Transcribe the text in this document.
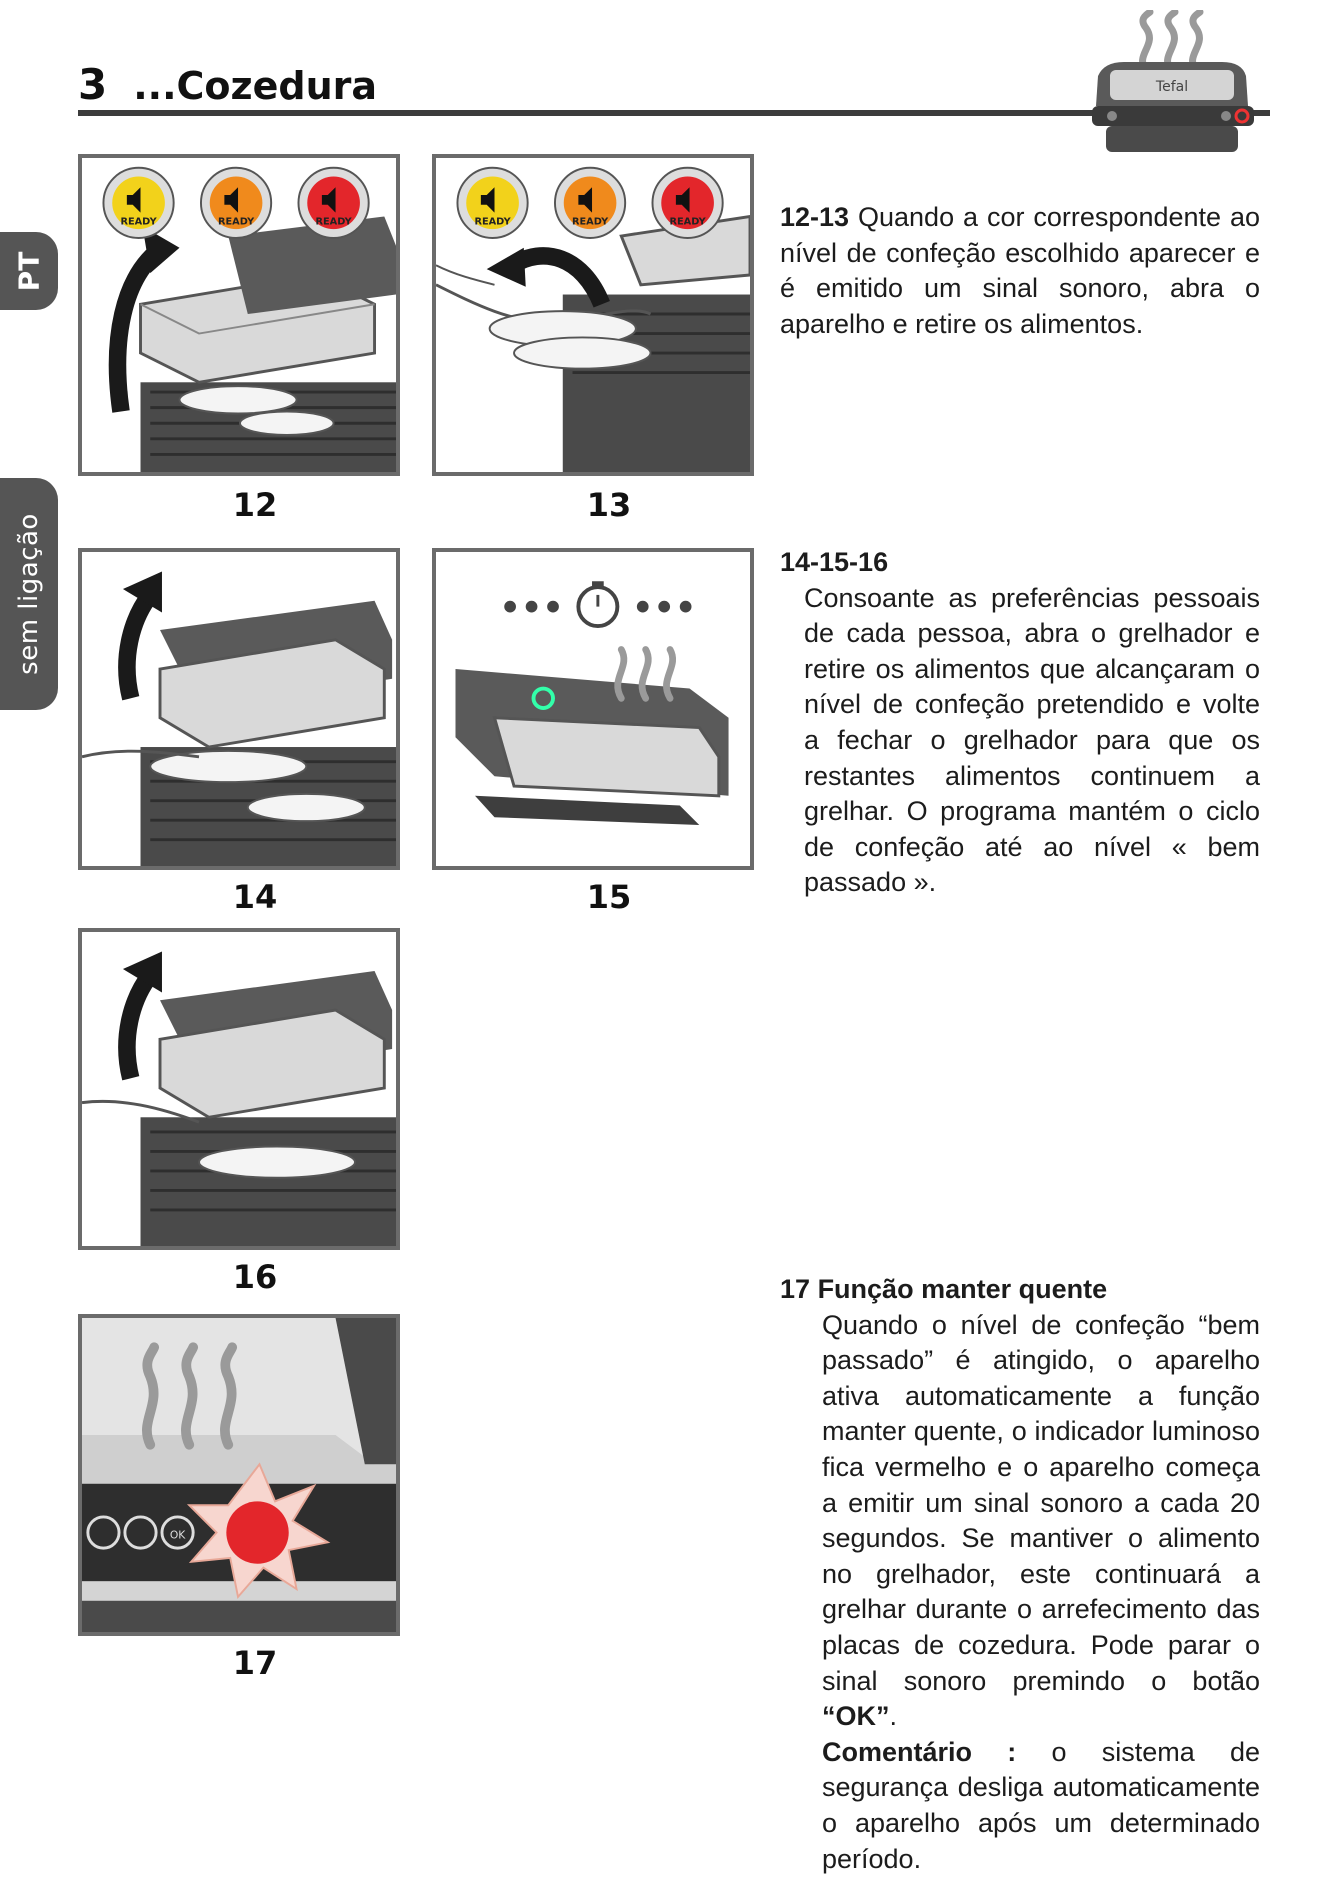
3 ...Cozedura	Tefal
PT
sem ligação
READY	READY	READY
12
READY	READY	READY
13
14	15
16
OK
17
12-13 Quando a cor correspondente ao nível de confeção escolhido aparecer e é emitido um sinal sonoro, abra o aparelho e retire os alimentos.
14-15-16
Consoante as preferências pessoais de cada pessoa, abra o grelhador e retire os alimentos que alcançaram o nível de confeção pretendido e volte a fechar o grelhador para que os restantes alimentos continuem a grelhar. O programa mantém o ciclo de confeção até ao nível « bem passado ».
17 Função manter quente
Quando o nível de confeção “bem passado” é atingido, o aparelho ativa automaticamente a função manter quente, o indicador luminoso fica vermelho e o aparelho começa a emitir um sinal sonoro a cada 20 segundos. Se mantiver o alimento no grelhador, este continuará a grelhar durante o arrefecimento das placas de cozedura. Pode parar o sinal sonoro premindo o botão “OK”.
Comentário : o sistema de segurança desliga automaticamente o aparelho após um determinado período.
